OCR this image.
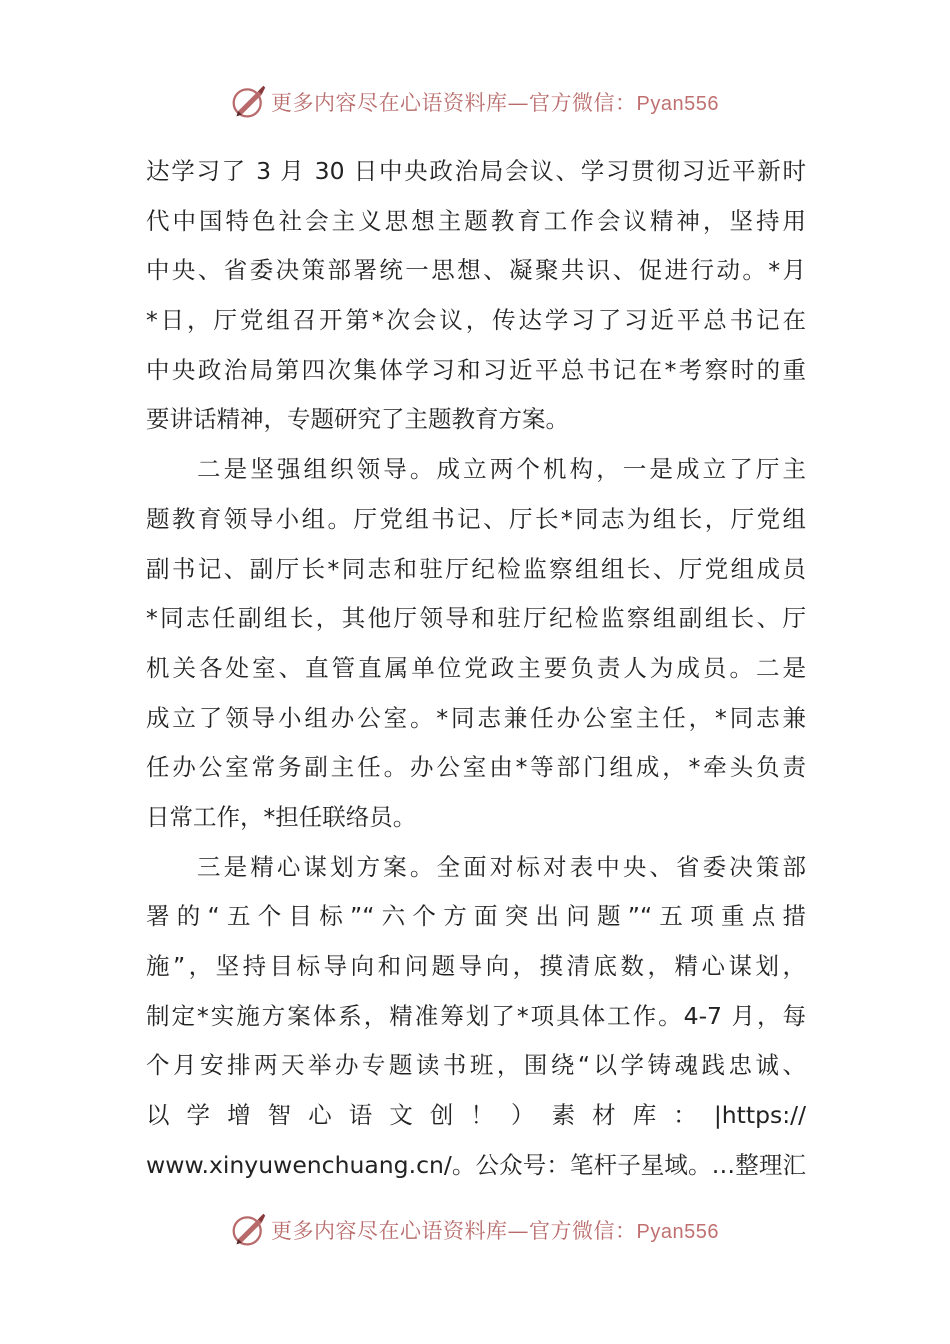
更多内容尽在心语资料库—官方微信：Pyan556
达学习了 3 月 30 日中央政治局会议、学习贯彻习近平新时
代中国特色社会主义思想主题教育工作会议精神，坚持用
中央、省委决策部署统一思想、凝聚共识、促进行动。*月
*日，厅党组召开第*次会议，传达学习了习近平总书记在
中央政治局第四次集体学习和习近平总书记在*考察时的重
要讲话精神，专题研究了主题教育方案。
二是坚强组织领导。成立两个机构，一是成立了厅主
题教育领导小组。厅党组书记、厅长*同志为组长，厅党组
副书记、副厅长*同志和驻厅纪检监察组组长、厅党组成员
*同志任副组长，其他厅领导和驻厅纪检监察组副组长、厅
机关各处室、直管直属单位党政主要负责人为成员。二是
成立了领导小组办公室。*同志兼任办公室主任，*同志兼
任办公室常务副主任。办公室由*等部门组成，*牵头负责
日常工作，*担任联络员。
三是精心谋划方案。全面对标对表中央、省委决策部
署的“五个目标”“六个方面突出问题”“五项重点措
施”，坚持目标导向和问题导向，摸清底数，精心谋划，
制定*实施方案体系，精准筹划了*项具体工作。4-7 月，每
个月安排两天举办专题读书班，围绕“以学铸魂践忠诚、
以 学 增 智 心 语 文 创 ！ ） 素 材 库 ： |https://
www.xinyuwenchuang.cn/。公众号：笔杆子星域。…整理汇
更多内容尽在心语资料库—官方微信：Pyan556
